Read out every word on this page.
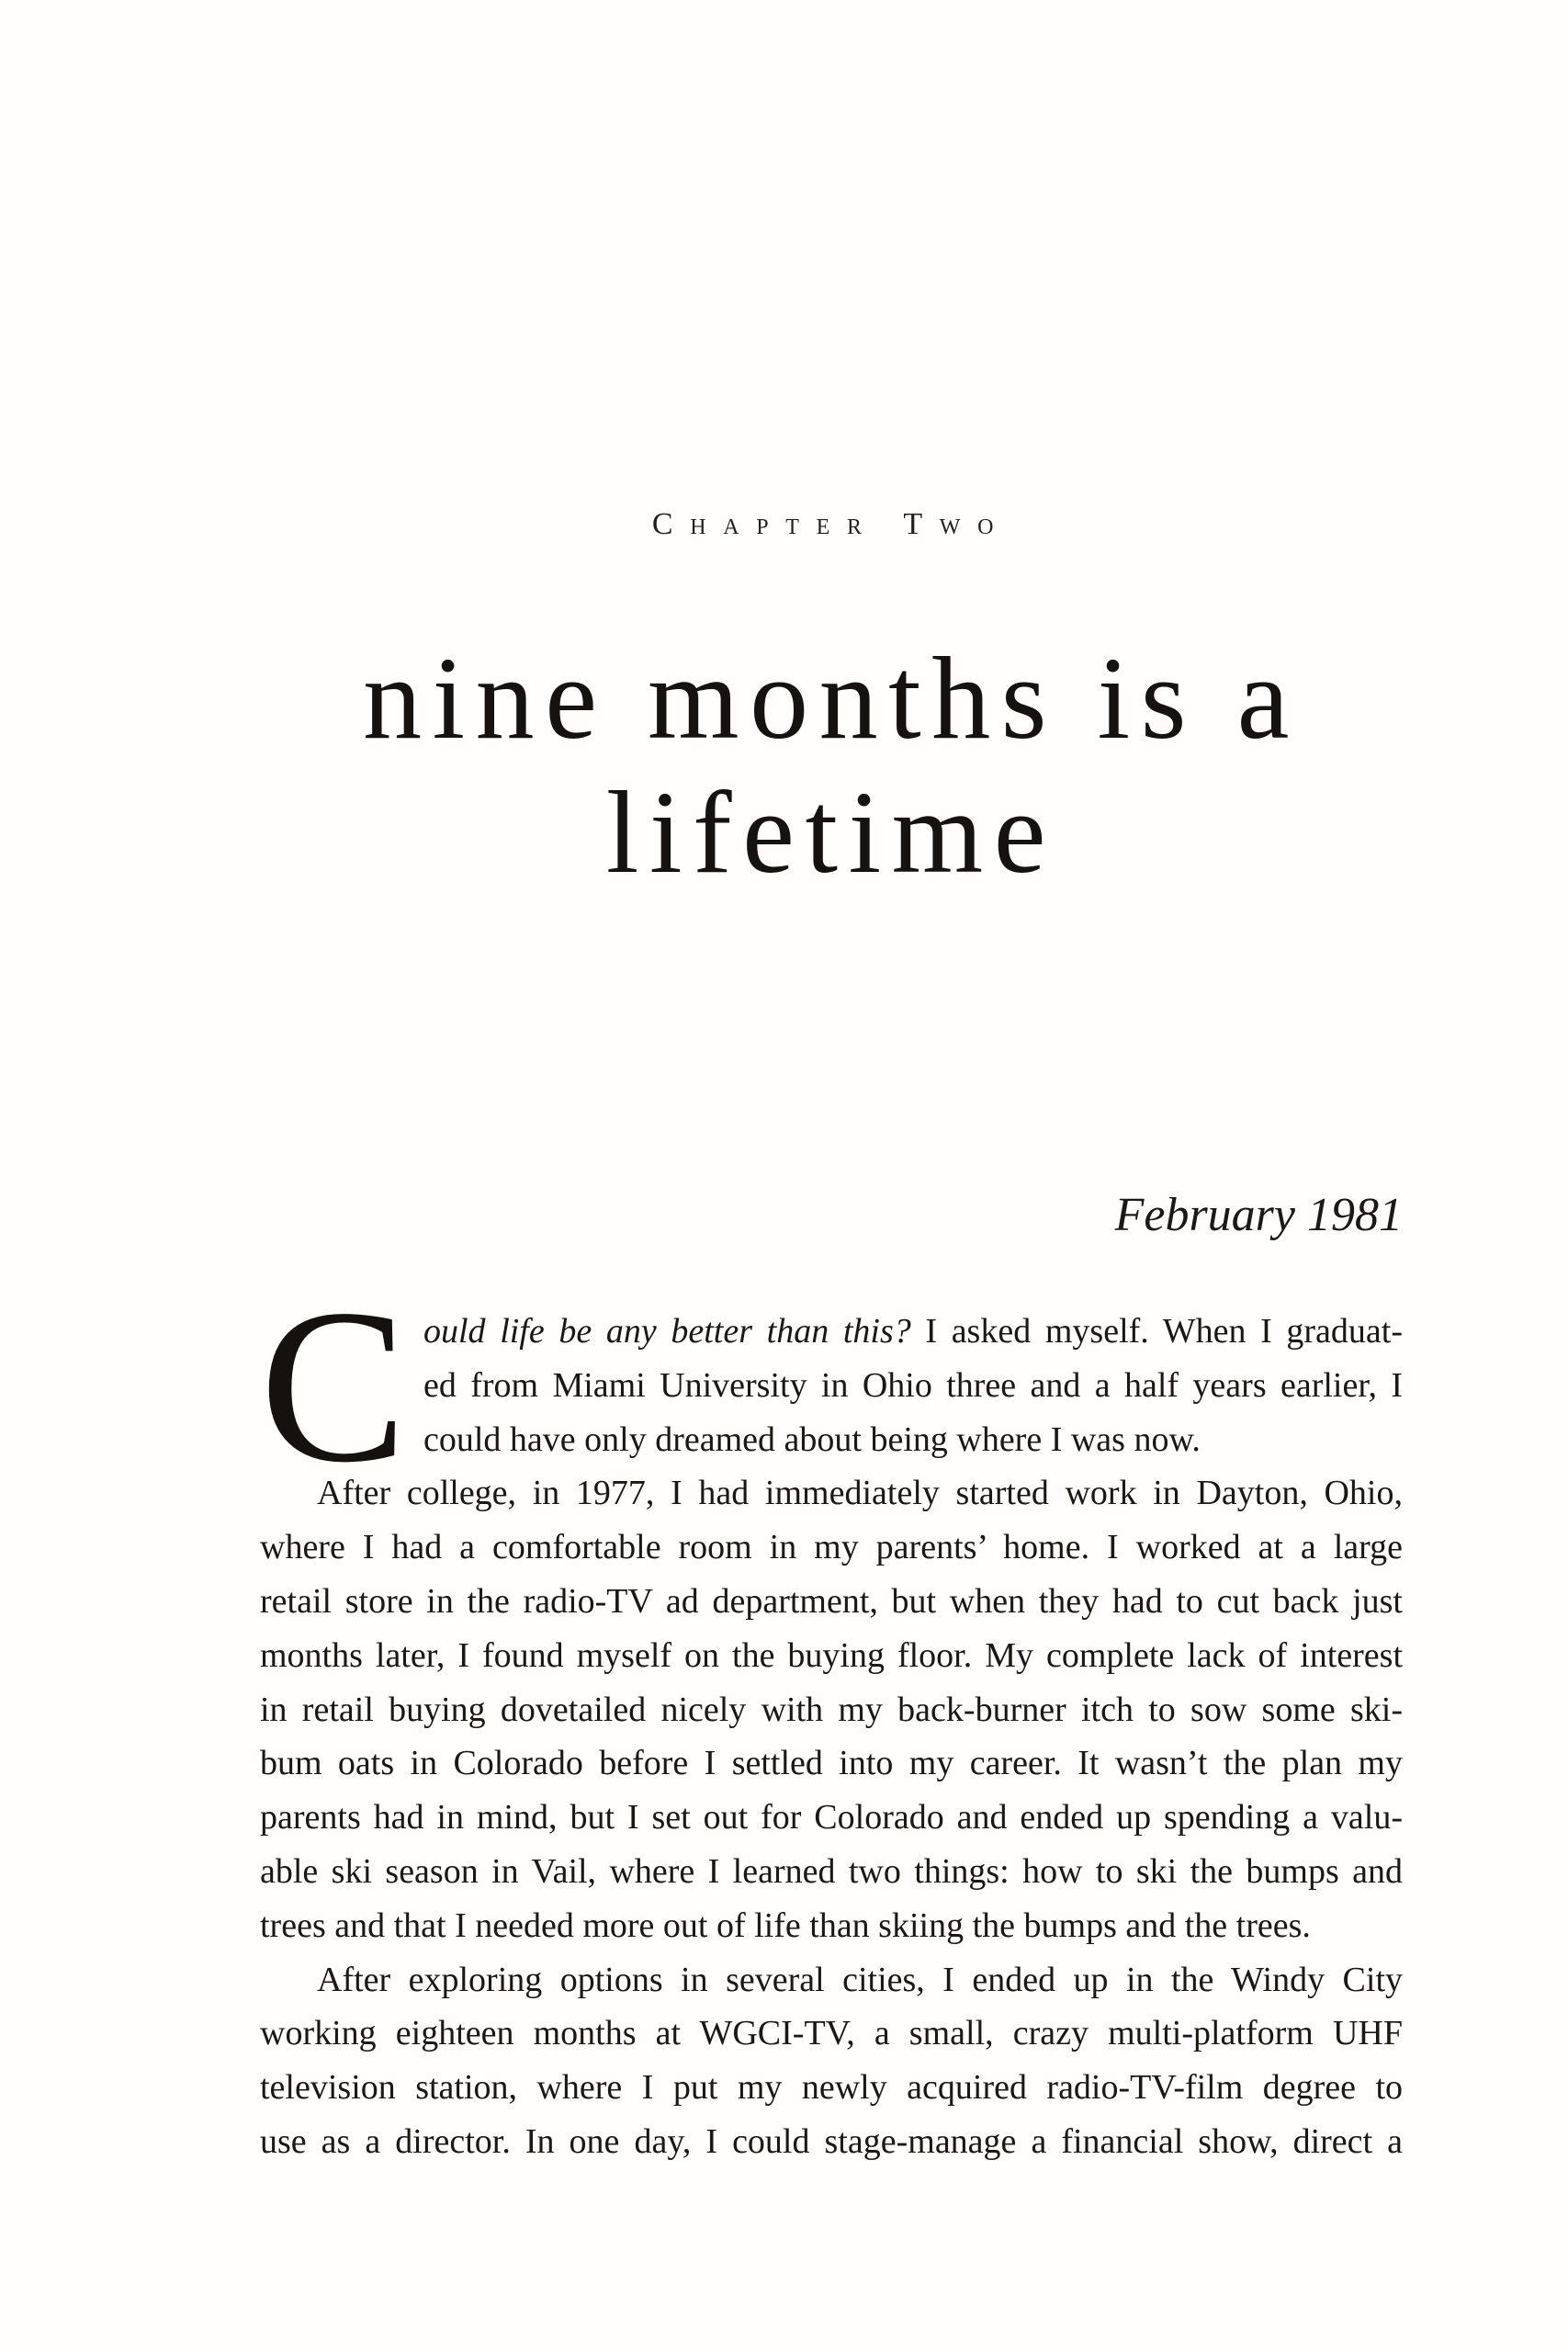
Chapter Two
nine months is a
lifetime
February 1981
C ould life be any better than this? I asked myself. When I graduat-
ed from Miami University in Ohio three and a half years earlier, I
could have only dreamed about being where I was now.
After college, in 1977, I had immediately started work in Dayton, Ohio,
where I had a comfortable room in my parents’ home. I worked at a large
retail store in the radio-TV ad department, but when they had to cut back just
months later, I found myself on the buying floor. My complete lack of interest
in retail buying dovetailed nicely with my back-burner itch to sow some ski-
bum oats in Colorado before I settled into my career. It wasn’t the plan my
parents had in mind, but I set out for Colorado and ended up spending a valu-
able ski season in Vail, where I learned two things: how to ski the bumps and
trees and that I needed more out of life than skiing the bumps and the trees.
After exploring options in several cities, I ended up in the Windy City
working eighteen months at WGCI-TV, a small, crazy multi-platform UHF
television station, where I put my newly acquired radio-TV-film degree to
use as a director. In one day, I could stage-manage a financial show, direct a
